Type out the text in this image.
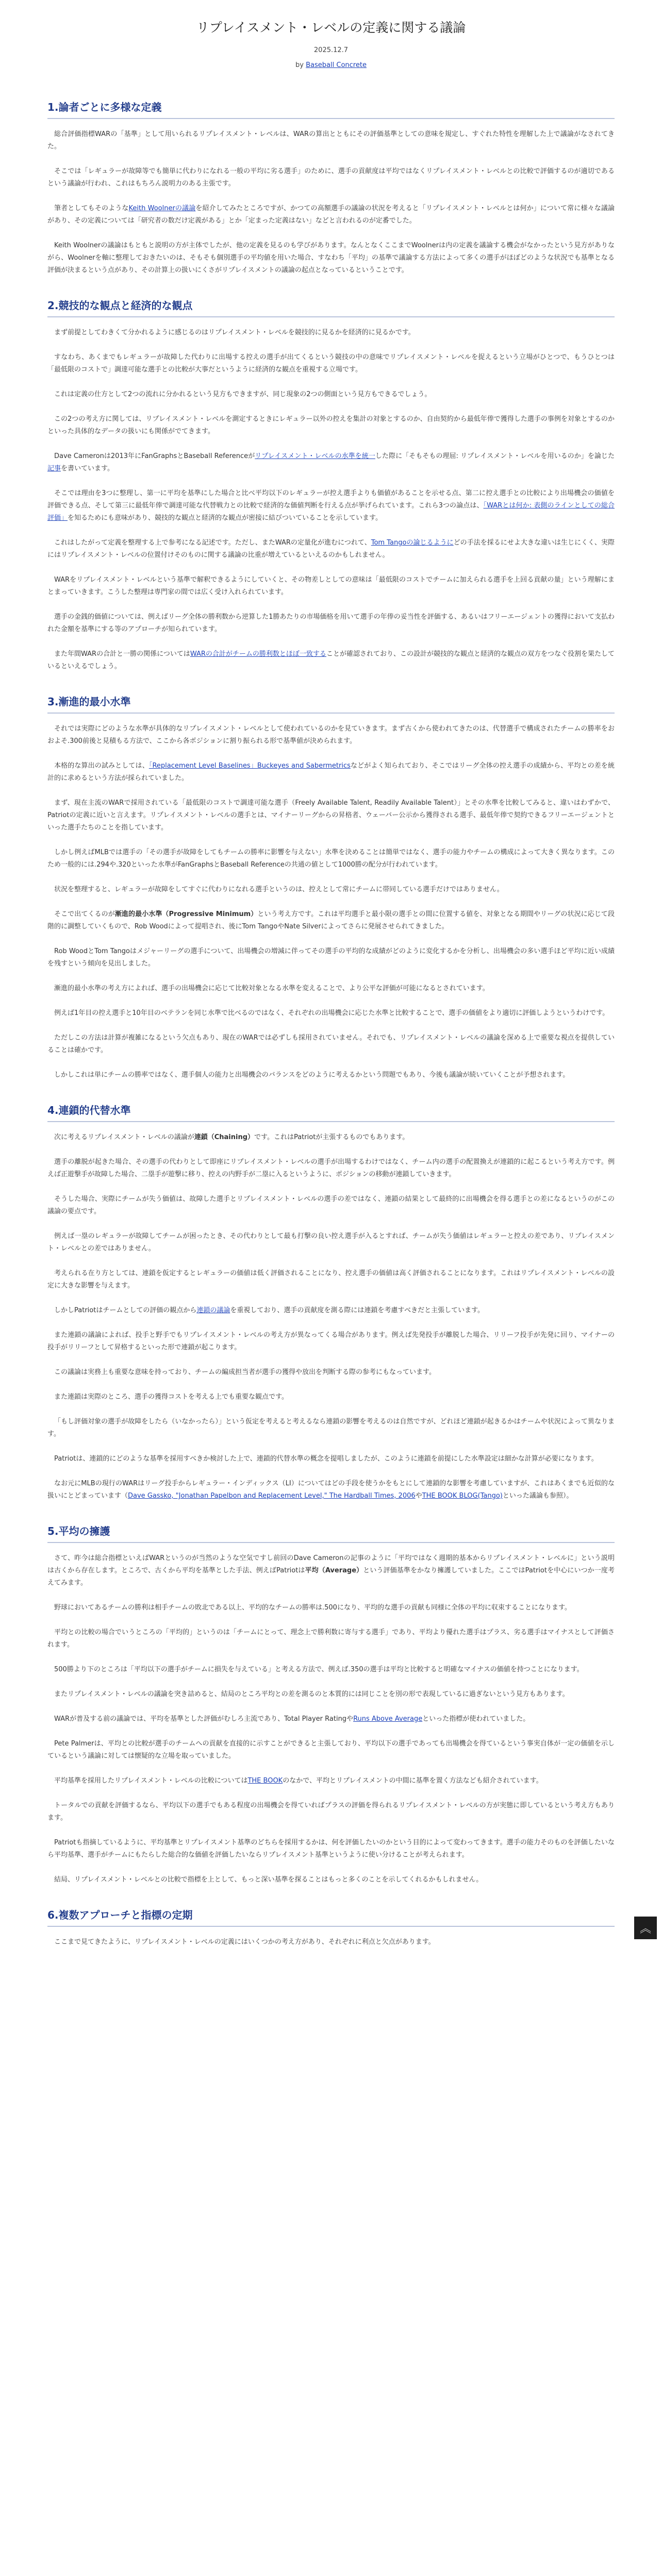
リプレイスメント・レベルの定義に関する議論
2025.12.7
by Baseball Concrete
1.論者ごとに多様な定義

総合評価指標WARの「基準」として用いられるリプレイスメント・レベルは、WARの算出とともにその評価基準としての意味を規定し、すぐれた特性を理解した上で議論がなされてきた。

そこでは「レギュラーが故障等でも簡単に代わりになれる一般の平均に劣る選手」のために、選手の貢献度は平均ではなくリプレイスメント・レベルとの比較で評価するのが適切であるという議論が行われ、これはもちろん説明力のある主張です。

筆者としてもそのようなKeith Woolnerの議論を紹介してみたところですが、かつての高額選手の議論の状況を考えると「リプレイスメント・レベルとは何か」について常に様々な議論があり、その定義については「研究者の数だけ定義がある」とか「定まった定義はない」などと言われるのが定番でした。

Keith Woolnerの議論はもともと説明の方が主体でしたが、他の定義を見るのも学びがあります。なんとなくここまでWoolnerは内の定義を議論する機会がなかったという見方がありながら、Woolnerを軸に整理しておきたいのは、そもそも個別選手の平均値を用いた場合、すなわち「平均」の基準で議論する方法によって多くの選手がほぼどのような状況でも基準となる評価が決まるという点があり、その計算上の扱いにくさがリプレイスメントの議論の起点となっているということです。

2.競技的な観点と経済的な観点

まず前提としてわきくて分かれるように感じるのはリプレイスメント・レベルを競技的に見るかを経済的に見るかです。

すなわち、あくまでもレギュラーが故障した代わりに出場する控えの選手が出てくるという競技の中の意味でリプレイスメント・レベルを捉えるという立場がひとつで、もうひとつは「最低限のコストで」調達可能な選手との比較が大事だというように経済的な観点を重視する立場です。

これは定義の仕方として2つの流れに分かれるという見方もできますが、同じ現象の2つの側面という見方もできるでしょう。

この2つの考え方に関しては、リプレイスメント・レベルを測定するときにレギュラー以外の控えを集計の対象とするのか、自由契約から最低年俸で獲得した選手の事例を対象とするのかといった具体的なデータの扱いにも関係がでてきます。

Dave Cameronは2013年にFanGraphsとBaseball Referenceがリプレイスメント・レベルの水準を統一した際に「そもそもの理屈: リプレイスメント・レベルを用いるのか」を論じた記事を書いています。

そこでは理由を3つに整理し、第一に平均を基準にした場合と比べ平均以下のレギュラーが控え選手よりも価値があることを示せる点、第二に控え選手との比較により出場機会の価値を評価できる点、そして第三に最低年俸で調達可能な代替戦力との比較で経済的な価値判断を行える点が挙げられています。これら3つの論点は、「WARとは何か: 表側のラインとしての総合評価」を知るためにも意味があり、競技的な観点と経済的な観点が密接に結びついていることを示しています。

これはしたがって定義を整理する上で参考になる記述です。ただし、またWARの定量化が進むにつれて、Tom Tangoの論じるようにどの手法を採るにせよ大きな違いは生じにくく、実際にはリプレイスメント・レベルの位置付けそのものに関する議論の比重が増えているといえるのかもしれません。

WARをリプレイスメント・レベルという基準で解釈できるようにしていくと、その物差しとしての意味は「最低限のコストでチームに加えられる選手を上回る貢献の量」という理解にまとまっていきます。こうした整理は専門家の間では広く受け入れられています。

選手の金銭的価値については、例えばリーグ全体の勝利数から逆算した1勝あたりの市場価格を用いて選手の年俸の妥当性を評価する、あるいはフリーエージェントの獲得において支払われた金額を基準にする等のアプローチが知られています。

また年間WARの合計と一勝の関係についてはWARの合計がチームの勝利数とほぼ一致することが確認されており、この設計が競技的な観点と経済的な観点の双方をつなぐ役割を果たしているといえるでしょう。

3.漸進的最小水準

それでは実際にどのような水準が具体的なリプレイスメント・レベルとして使われているのかを見ていきます。まず古くから使われてきたのは、代替選手で構成されたチームの勝率をおおよそ.300前後と見積もる方法で、ここから各ポジションに割り振られる形で基準値が決められます。

本格的な算出の試みとしては、「Replacement Level Baselines」Buckeyes and Sabermetricsなどがよく知られており、そこではリーグ全体の控え選手の成績から、平均との差を統計的に求めるという方法が採られていました。

まず、現在主流のWARで採用されている「最低限のコストで調達可能な選手（Freely Available Talent, Readily Available Talent）」とその水準を比較してみると、違いはわずかで、Patriotの定義に近いと言えます。リプレイスメント・レベルの選手とは、マイナーリーグからの昇格者、ウェーバー公示から獲得される選手、最低年俸で契約できるフリーエージェントといった選手たちのことを指しています。

しかし例えばMLBでは選手の「その選手が故障をしてもチームの勝率に影響を与えない」水準を決めることは簡単ではなく、選手の能力やチームの構成によって大きく異なります。このため一般的には.294や.320といった水準がFanGraphsとBaseball Referenceの共通の値として1000勝の配分が行われています。

状況を整理すると、レギュラーが故障をしてすぐに代わりになれる選手というのは、控えとして常にチームに帯同している選手だけではありません。

そこで出てくるのが漸進的最小水準（Progressive Minimum）という考え方です。これは平均選手と最小限の選手との間に位置する値を、対象となる期間やリーグの状況に応じて段階的に調整していくもので、Rob Woodによって提唱され、後にTom TangoやNate Silverによってさらに発展させられてきました。

Rob WoodとTom Tangoはメジャーリーグの選手について、出場機会の増減に伴ってその選手の平均的な成績がどのように変化するかを分析し、出場機会の多い選手ほど平均に近い成績を残すという傾向を見出しました。

漸進的最小水準の考え方によれば、選手の出場機会に応じて比較対象となる水準を変えることで、より公平な評価が可能になるとされています。

例えば1年目の控え選手と10年目のベテランを同じ水準で比べるのではなく、それぞれの出場機会に応じた水準と比較することで、選手の価値をより適切に評価しようというわけです。

ただしこの方法は計算が複雑になるという欠点もあり、現在のWARでは必ずしも採用されていません。それでも、リプレイスメント・レベルの議論を深める上で重要な視点を提供していることは確かです。

しかしこれは単にチームの勝率ではなく、選手個人の能力と出場機会のバランスをどのように考えるかという問題でもあり、今後も議論が続いていくことが予想されます。

4.連鎖的代替水準

次に考えるリプレイスメント・レベルの議論が連鎖（Chaining）です。これはPatriotが主張するものでもあります。

選手の離脱が起きた場合、その選手の代わりとして即座にリプレイスメント・レベルの選手が出場するわけではなく、チーム内の選手の配置換えが連鎖的に起こるという考え方です。例えば正遊撃手が故障した場合、二塁手が遊撃に移り、控えの内野手が二塁に入るというように、ポジションの移動が連鎖していきます。

そうした場合、実際にチームが失う価値は、故障した選手とリプレイスメント・レベルの選手の差ではなく、連鎖の結果として最終的に出場機会を得る選手との差になるというのがこの議論の要点です。

例えば一塁のレギュラーが故障してチームが困ったとき、その代わりとして最も打撃の良い控え選手が入るとすれば、チームが失う価値はレギュラーと控えの差であり、リプレイスメント・レベルとの差ではありません。

考えられる在り方としては、連鎖を仮定するとレギュラーの価値は低く評価されることになり、控え選手の価値は高く評価されることになります。これはリプレイスメント・レベルの設定に大きな影響を与えます。

しかしPatriotはチームとしての評価の観点から連鎖の議論を重視しており、選手の貢献度を測る際には連鎖を考慮すべきだと主張しています。

また連鎖の議論によれば、投手と野手でもリプレイスメント・レベルの考え方が異なってくる場合があります。例えば先発投手が離脱した場合、リリーフ投手が先発に回り、マイナーの投手がリリーフとして昇格するといった形で連鎖が起こります。

この議論は実務上も重要な意味を持っており、チームの編成担当者が選手の獲得や放出を判断する際の参考にもなっています。

また連鎖は実際のところ、選手の獲得コストを考える上でも重要な観点です。

「もし評価対象の選手が故障をしたら（いなかったら）」という仮定を考えると考えるなら連鎖の影響を考えるのは自然ですが、どれほど連鎖が起きるかはチームや状況によって異なります。

Patriotは、連鎖的にどのような基準を採用すべきか検討した上で、連鎖的代替水準の概念を提唱しましたが、このように連鎖を前提にした水準設定は細かな計算が必要になります。

なお元にMLBの現行のWARはリーグ投手からレギュラー・インディックス（LI）についてはどの手段を使うかをもとにして連鎖的な影響を考慮していますが、これはあくまでも近似的な扱いにとどまっています（Dave Gassko, "Jonathan Papelbon and Replacement Level," The Hardball Times, 2006やTHE BOOK BLOG(Tango)といった議論も参照）。

5.平均の擁護

さて、昨今は総合指標といえばWARというのが当然のような空気ですし前回のDave Cameronの記事のように「平均ではなく週期的基本からリプレイスメント・レベルに」という説明は古くから存在します。ところで、古くから平均を基準とした手法、例えばPatriotは平均（Average）という評価基準をかなり擁護していました。ここではPatriotを中心にいつか一度考えてみます。

野球においてあるチームの勝利は相手チームの敗北である以上、平均的なチームの勝率は.500になり、平均的な選手の貢献も同様に全体の平均に収束することになります。

平均との比較の場合でいうところの「平均的」というのは「チームにとって、理念上で勝利数に寄与する選手」であり、平均より優れた選手はプラス、劣る選手はマイナスとして評価されます。

500勝より下のところは「平均以下の選手がチームに損失を与えている」と考える方法で、例えば.350の選手は平均と比較すると明確なマイナスの価値を持つことになります。

またリプレイスメント・レベルの議論を突き詰めると、結局のところ平均との差を測るのと本質的には同じことを別の形で表現しているに過ぎないという見方もあります。

WARが普及する前の議論では、平均を基準とした評価がむしろ主流であり、Total Player RatingやRuns Above Averageといった指標が使われていました。

Pete Palmerは、平均との比較が選手のチームへの貢献を直接的に示すことができると主張しており、平均以下の選手であっても出場機会を得ているという事実自体が一定の価値を示しているという議論に対しては懐疑的な立場を取っていました。

平均基準を採用したリプレイスメント・レベルの比較についてはTHE BOOKのなかで、平均とリプレイスメントの中間に基準を置く方法なども紹介されています。

トータルでの貢献を評価するなら、平均以下の選手でもある程度の出場機会を得ていればプラスの評価を得られるリプレイスメント・レベルの方が実態に即しているという考え方もあります。

Patriotも指摘しているように、平均基準とリプレイスメント基準のどちらを採用するかは、何を評価したいのかという目的によって変わってきます。選手の能力そのものを評価したいなら平均基準、選手がチームにもたらした総合的な価値を評価したいならリプレイスメント基準というように使い分けることが考えられます。

結局、リプレイスメント・レベルとの比較で指標を上として、もっと深い基準を探ることはもっと多くのことを示してくれるかもしれません。

6.複数アプローチと指標の定期

ここまで見てきたように、リプレイスメント・レベルの定義にはいくつかの考え方があり、それぞれに利点と欠点があります。

︽
